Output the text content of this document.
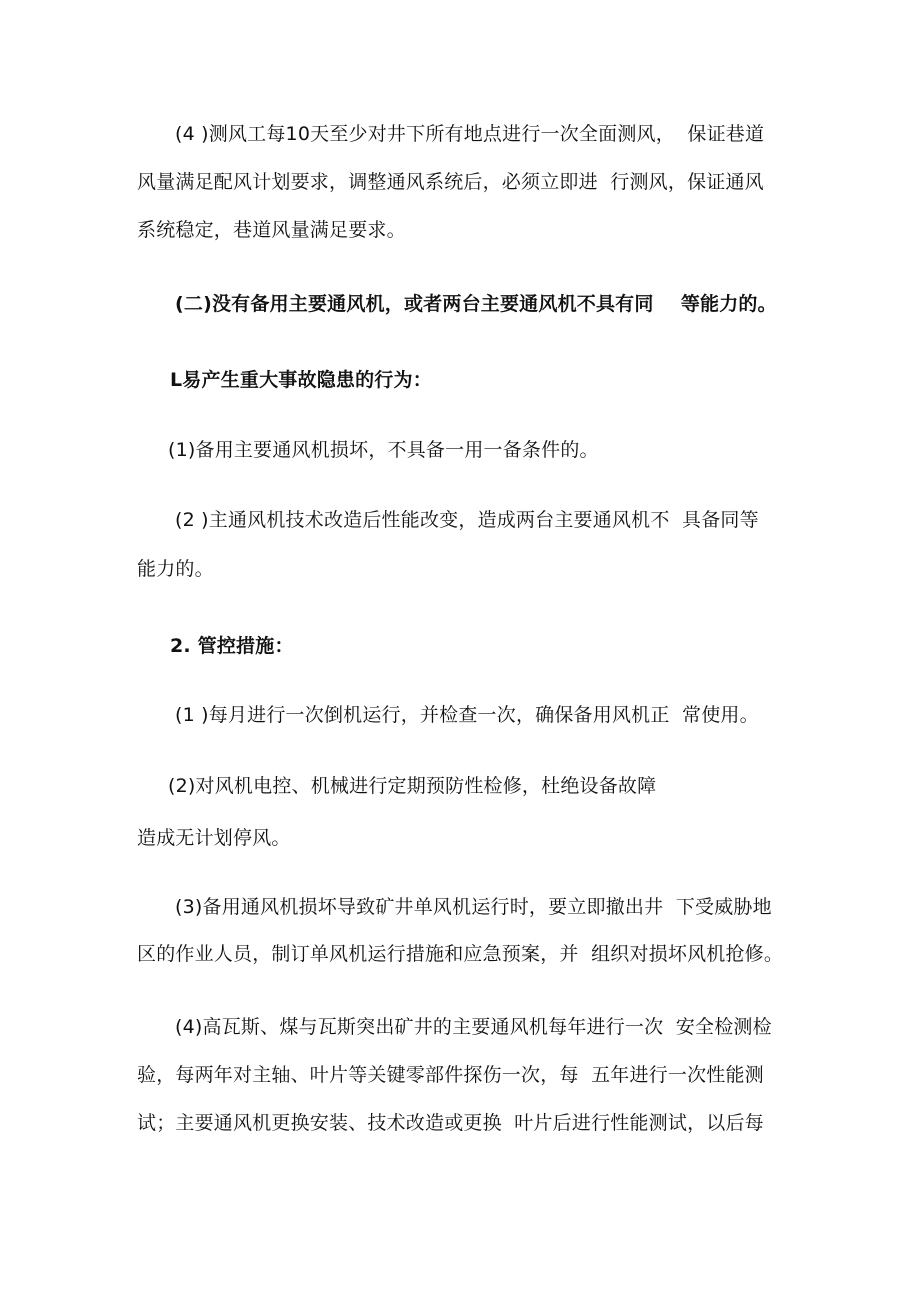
(4 )测风工每10天至少对井下所有地点进行一次全面测风，  保证巷道
风量满足配风计划要求，调整通风系统后，必须立即进  行测风，保证通风
系统稳定，巷道风量满足要求。
(二)没有备用主要通风机，或者两台主要通风机不具有同    等能力的。
L易产生重大事故隐患的行为：
(1)备用主要通风机损坏，不具备一用一备条件的。
(2 )主通风机技术改造后性能改变，造成两台主要通风机不  具备同等
能力的。
2. 管控措施：
(1 )每月进行一次倒机运行，并检查一次，确保备用风机正  常使用。
(2)对风机电控、机械进行定期预防性检修，杜绝设备故障
造成无计划停风。
(3)备用通风机损坏导致矿井单风机运行时，要立即撤出井  下受威胁地
区的作业人员，制订单风机运行措施和应急预案，并  组织对损坏风机抢修。
(4)高瓦斯、煤与瓦斯突出矿井的主要通风机每年进行一次  安全检测检
验，每两年对主轴、叶片等关键零部件探伤一次，每  五年进行一次性能测
试；主要通风机更换安装、技术改造或更换  叶片后进行性能测试，以后每
